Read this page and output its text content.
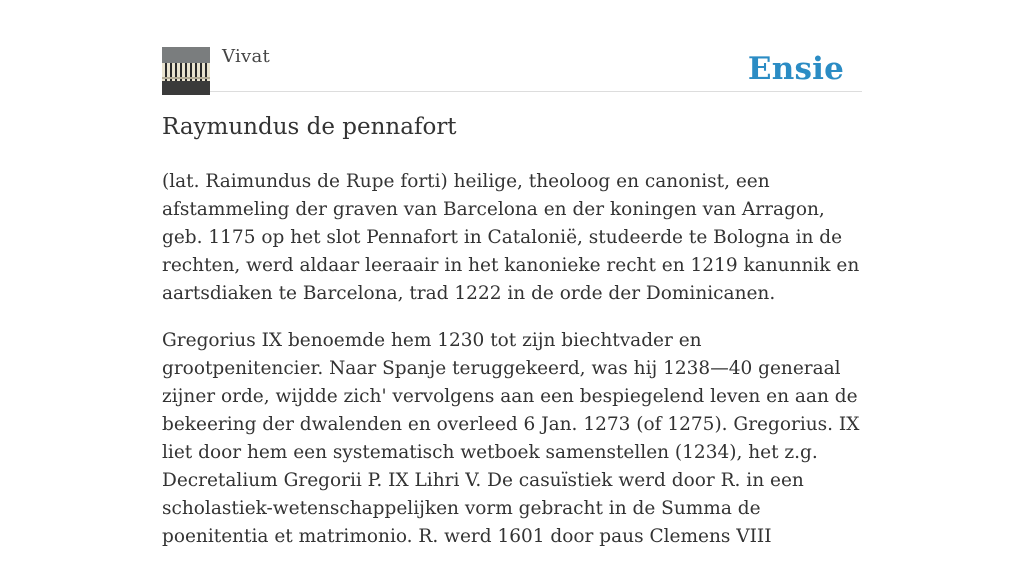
Vivat	Ensie
Raymundus de pennafort

(lat. Raimundus de Rupe forti) heilige, theoloog en canonist, een afstammeling der graven van Barcelona en der koningen van Arragon, geb. 1175 op het slot Pennafort in Catalonië, studeerde te Bologna in de rechten, werd aldaar leeraair in het kanonieke recht en 1219 kanunnik en aartsdiaken te Barcelona, trad 1222 in de orde der Dominicanen.

Gregorius IX benoemde hem 1230 tot zijn biechtvader en grootpenitencier. Naar Spanje teruggekeerd, was hij 1238—40 generaal zijner orde, wijdde zich' vervolgens aan een bespiegelend leven en aan de bekeering der dwalenden en overleed 6 Jan. 1273 (of 1275). Gregorius. IX liet door hem een systematisch wetboek samenstellen (1234), het z.g. Decretalium Gregorii P. IX Lihri V. De casuïstiek werd door R. in een scholastiek-wetenschappelijken vorm gebracht in de Summa de poenitentia et matrimonio. R. werd 1601 door paus Clemens VIII
